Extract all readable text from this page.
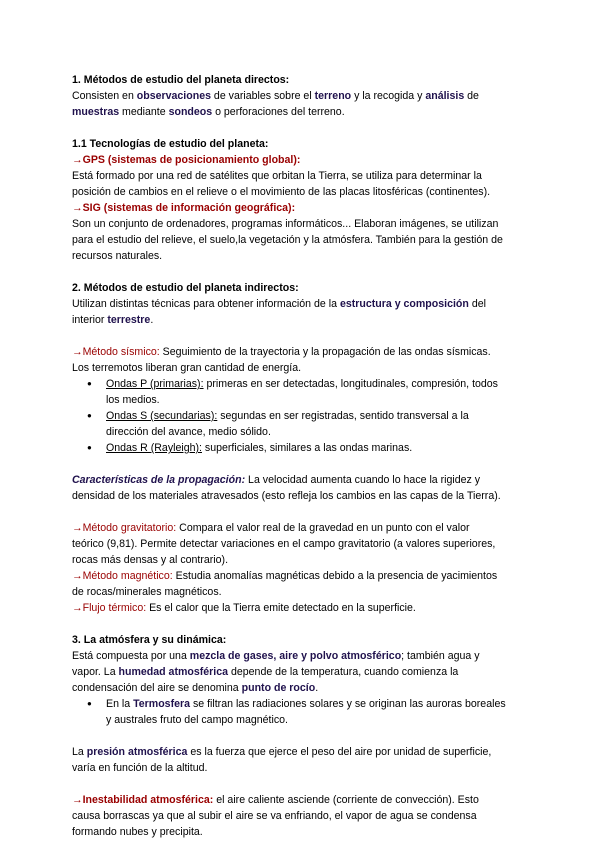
1. Métodos de estudio del planeta directos:

Consisten en observaciones de variables sobre el terreno y la recogida y análisis de

muestras mediante sondeos o perforaciones del terreno.

1.1 Tecnologías de estudio del planeta:

→GPS (sistemas de posicionamiento global):

Está formado por una red de satélites que orbitan la Tierra, se utiliza para determinar la

posición de cambios en el relieve o el movimiento de las placas litosféricas (continentes).

→SIG (sistemas de información geográfica):

Son un conjunto de ordenadores, programas informáticos... Elaboran imágenes, se utilizan

para el estudio del relieve, el suelo,la vegetación y la atmósfera. También para la gestión de

recursos naturales.

2. Métodos de estudio del planeta indirectos:

Utilizan distintas técnicas para obtener información de la estructura y composición del

interior terrestre.

→Método sísmico: Seguimiento de la trayectoria y la propagación de las ondas sísmicas.

Los terremotos liberan gran cantidad de energía.

● Ondas P (primarias): primeras en ser detectadas, longitudinales, compresión, todos
los medios.
● Ondas S (secundarias): segundas en ser registradas, sentido transversal a la
dirección del avance, medio sólido.
● Ondas R (Rayleigh): superficiales, similares a las ondas marinas.

Características de la propagación: La velocidad aumenta cuando lo hace la rigidez y

densidad de los materiales atravesados (esto refleja los cambios en las capas de la Tierra).

→Método gravitatorio: Compara el valor real de la gravedad en un punto con el valor

teórico (9,81). Permite detectar variaciones en el campo gravitatorio (a valores superiores,

rocas más densas y al contrario).

→Método magnético: Estudia anomalías magnéticas debido a la presencia de yacimientos

de rocas/minerales magnéticos.

→Flujo térmico: Es el calor que la Tierra emite detectado en la superficie.

3. La atmósfera y su dinámica:

Está compuesta por una mezcla de gases, aire y polvo atmosférico; también agua y

vapor. La humedad atmosférica depende de la temperatura, cuando comienza la

condensación del aire se denomina punto de rocío.

● En la Termosfera se filtran las radiaciones solares y se originan las auroras boreales
y australes fruto del campo magnético.

La presión atmosférica es la fuerza que ejerce el peso del aire por unidad de superficie,

varía en función de la altitud.

→Inestabilidad atmosférica: el aire caliente asciende (corriente de convección). Esto

causa borrascas ya que al subir el aire se va enfriando, el vapor de agua se condensa

formando nubes y precipita.
